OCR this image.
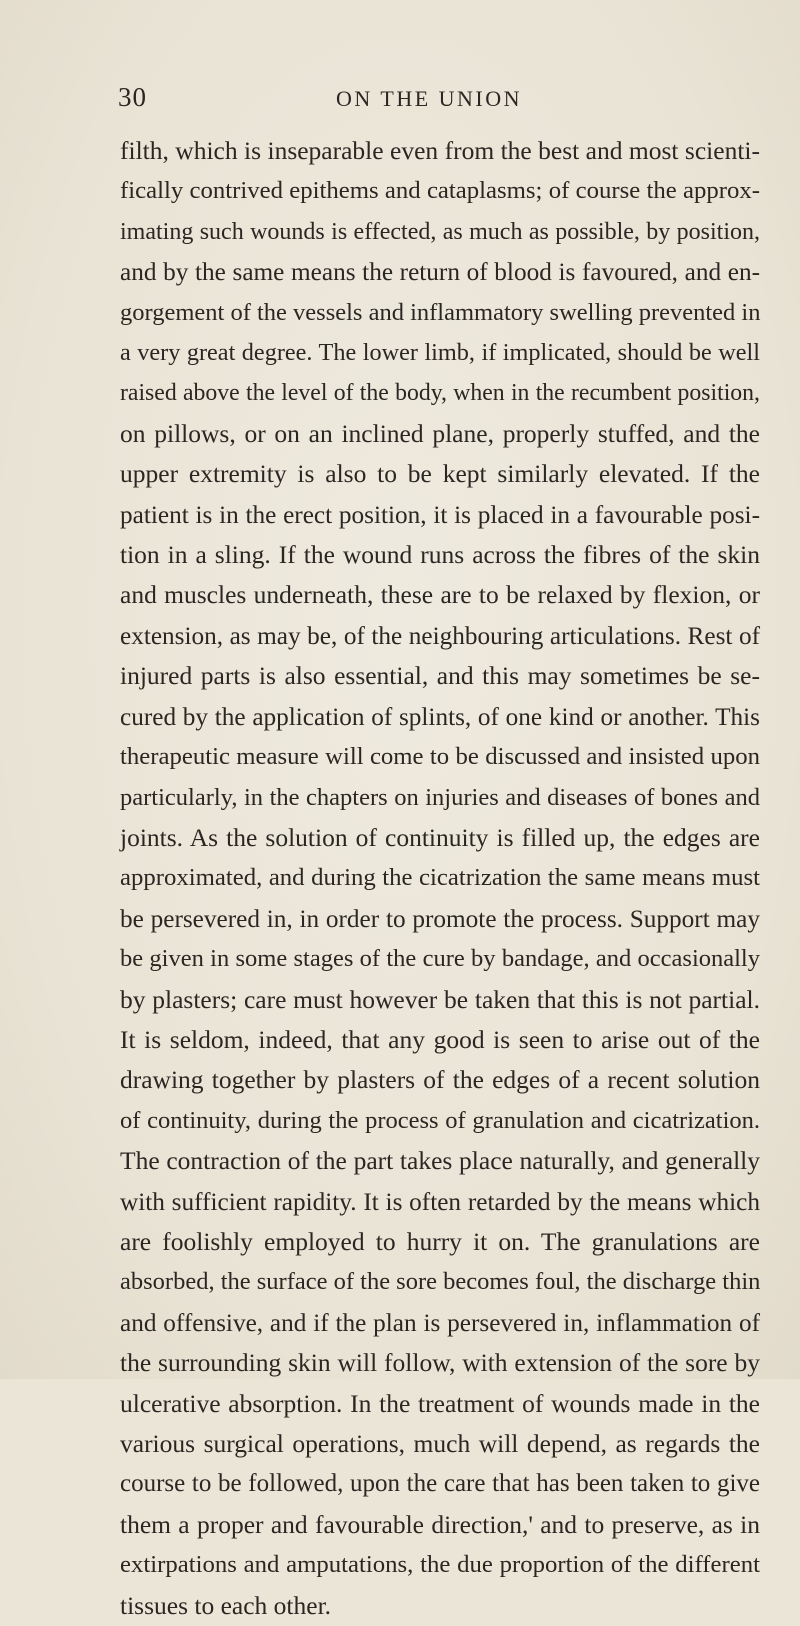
30	ON THE UNION

filth, which is inseparable even from the best and most scienti-
fically contrived epithems and cataplasms; of course the approx-
imating such wounds is effected, as much as possible, by position,
and by the same means the return of blood is favoured, and en-
gorgement of the vessels and inflammatory swelling prevented in
a very great degree. The lower limb, if implicated, should be well
raised above the level of the body, when in the recumbent position,
on pillows, or on an inclined plane, properly stuffed, and the
upper extremity is also to be kept similarly elevated. If the
patient is in the erect position, it is placed in a favourable posi-
tion in a sling. If the wound runs across the fibres of the skin
and muscles underneath, these are to be relaxed by flexion, or
extension, as may be, of the neighbouring articulations. Rest of
injured parts is also essential, and this may sometimes be se-
cured by the application of splints, of one kind or another. This
therapeutic measure will come to be discussed and insisted upon
particularly, in the chapters on injuries and diseases of bones and
joints. As the solution of continuity is filled up, the edges are
approximated, and during the cicatrization the same means must
be persevered in, in order to promote the process. Support may
be given in some stages of the cure by bandage, and occasionally
by plasters; care must however be taken that this is not partial.
It is seldom, indeed, that any good is seen to arise out of the
drawing together by plasters of the edges of a recent solution
of continuity, during the process of granulation and cicatrization.
The contraction of the part takes place naturally, and generally
with sufficient rapidity. It is often retarded by the means which
are foolishly employed to hurry it on. The granulations are
absorbed, the surface of the sore becomes foul, the discharge thin
and offensive, and if the plan is persevered in, inflammation of
the surrounding skin will follow, with extension of the sore by
ulcerative absorption. In the treatment of wounds made in the
various surgical operations, much will depend, as regards the
course to be followed, upon the care that has been taken to give
them a proper and favourable direction,' and to preserve, as in
extirpations and amputations, the due proportion of the different
tissues to each other.
